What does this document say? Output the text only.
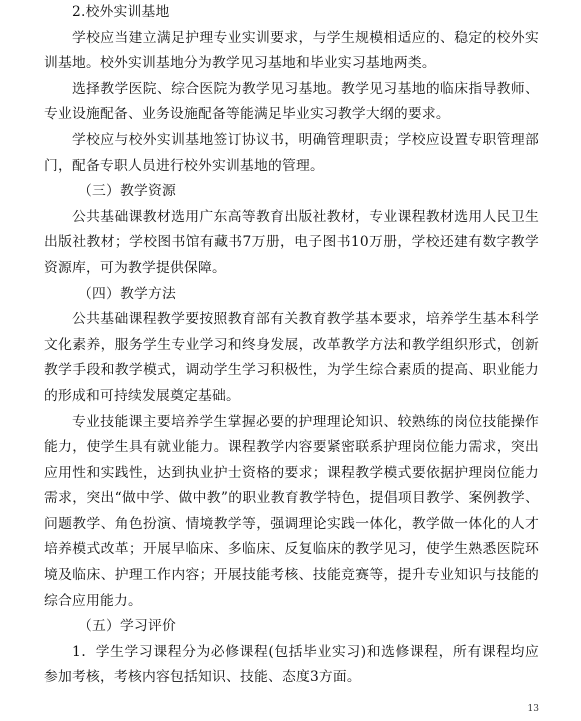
2.校外实训基地

学校应当建立满足护理专业实训要求，与学生规模相适应的、稳定的校外实训基地。校外实训基地分为教学见习基地和毕业实习基地两类。

选择教学医院、综合医院为教学见习基地。教学见习基地的临床指导教师、专业设施配备、业务设施配备等能满足毕业实习教学大纲的要求。

学校应与校外实训基地签订协议书，明确管理职责；学校应设置专职管理部门，配备专职人员进行校外实训基地的管理。

（三）教学资源

公共基础课教材选用广东高等教育出版社教材，专业课程教材选用人民卫生出版社教材；学校图书馆有藏书7万册，电子图书10万册，学校还建有数字教学资源库，可为教学提供保障。

（四）教学方法

公共基础课程教学要按照教育部有关教育教学基本要求，培养学生基本科学文化素养，服务学生专业学习和终身发展，改革教学方法和教学组织形式，创新教学手段和教学模式，调动学生学习积极性，为学生综合素质的提高、职业能力的形成和可持续发展奠定基础。

专业技能课主要培养学生掌握必要的护理理论知识、较熟练的岗位技能操作能力，使学生具有就业能力。课程教学内容要紧密联系护理岗位能力需求，突出应用性和实践性，达到执业护士资格的要求；课程教学模式要依据护理岗位能力需求，突出“做中学、做中教”的职业教育教学特色，提倡项目教学、案例教学、问题教学、角色扮演、情境教学等，强调理论实践一体化，教学做一体化的人才培养模式改革；开展早临床、多临床、反复临床的教学见习，使学生熟悉医院环境及临床、护理工作内容；开展技能考核、技能竞赛等，提升专业知识与技能的综合应用能力。

（五）学习评价

1．学生学习课程分为必修课程(包括毕业实习)和选修课程，所有课程均应参加考核，考核内容包括知识、技能、态度3方面。

13
